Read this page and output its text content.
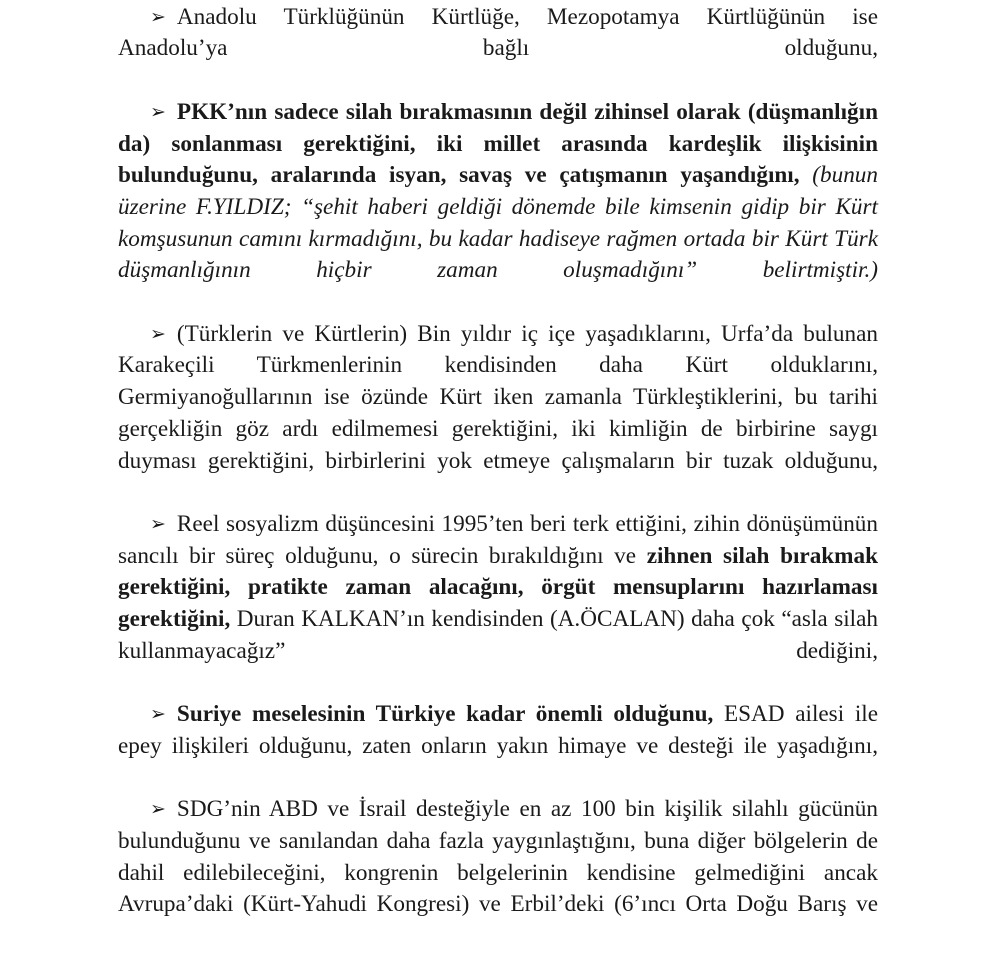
➢ Anadolu Türklüğünün Kürtlüğe, Mezopotamya Kürtlüğünün ise Anadolu’ya bağlı olduğunu,

➢ PKK’nın sadece silah bırakmasının değil zihinsel olarak (düşmanlığın da) sonlanması gerektiğini, iki millet arasında kardeşlik ilişkisinin bulunduğunu, aralarında isyan, savaş ve çatışmanın yaşandığını, (bunun üzerine F.YILDIZ; “şehit haberi geldiği dönemde bile kimsenin gidip bir Kürt komşusunun camını kırmadığını, bu kadar hadiseye rağmen ortada bir Kürt Türk düşmanlığının hiçbir zaman oluşmadığını” belirtmiştir.)

➢ (Türklerin ve Kürtlerin) Bin yıldır iç içe yaşadıklarını, Urfa’da bulunan Karakeçili Türkmenlerinin kendisinden daha Kürt olduklarını, Germiyanoğullarının ise özünde Kürt iken zamanla Türkleştiklerini, bu tarihi gerçekliğin göz ardı edilmemesi gerektiğini, iki kimliğin de birbirine saygı duyması gerektiğini, birbirlerini yok etmeye çalışmaların bir tuzak olduğunu,

➢ Reel sosyalizm düşüncesini 1995’ten beri terk ettiğini, zihin dönüşümünün sancılı bir süreç olduğunu, o sürecin bırakıldığını ve zihnen silah bırakmak gerektiğini, pratikte zaman alacağını, örgüt mensuplarını hazırlaması gerektiğini, Duran KALKAN’ın kendisinden (A.ÖCALAN) daha çok “asla silah kullanmayacağız” dediğini,

➢ Suriye meselesinin Türkiye kadar önemli olduğunu, ESAD ailesi ile epey ilişkileri olduğunu, zaten onların yakın himaye ve desteği ile yaşadığını,

➢ SDG’nin ABD ve İsrail desteğiyle en az 100 bin kişilik silahlı gücünün bulunduğunu ve sanılandan daha fazla yaygınlaştığını, buna diğer bölgelerin de dahil edilebileceğini, kongrenin belgelerinin kendisine gelmediğini ancak Avrupa’daki (Kürt-Yahudi Kongresi) ve Erbil’deki (6’ıncı Orta Doğu Barış ve
